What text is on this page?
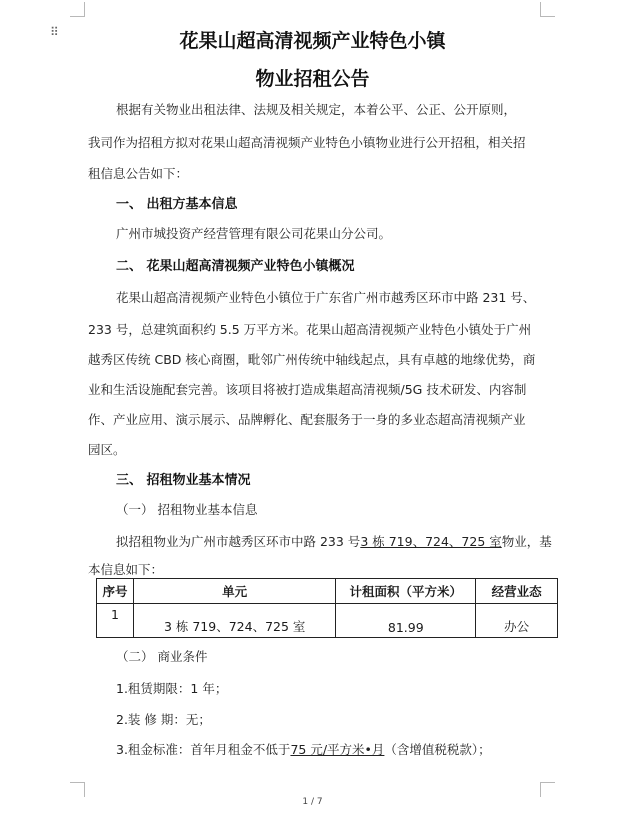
⠿	花果山超高清视频产业特色小镇
物业招租公告
根据有关物业出租法律、法规及相关规定，本着公平、公正、公开原则，
我司作为招租方拟对花果山超高清视频产业特色小镇物业进行公开招租，相关招
租信息公告如下：
一、 出租方基本信息
广州市城投资产经营管理有限公司花果山分公司。
二、 花果山超高清视频产业特色小镇概况
花果山超高清视频产业特色小镇位于广东省广州市越秀区环市中路 231 号、
233 号，总建筑面积约 5.5 万平方米。花果山超高清视频产业特色小镇处于广州
越秀区传统 CBD 核心商圈，毗邻广州传统中轴线起点，具有卓越的地缘优势，商
业和生活设施配套完善。该项目将被打造成集超高清视频/5G 技术研发、内容制
作、产业应用、演示展示、品牌孵化、配套服务于一身的多业态超高清视频产业
园区。
三、 招租物业基本情况
（一） 招租物业基本信息
拟招租物业为广州市越秀区环市中路 233 号3 栋 719、724、725 室物业，基
本信息如下：
序号	单元	计租面积（平方米）	经营业态
1	3 栋 719、724、725 室	81.99	办公
（二） 商业条件
1.租赁期限：1 年；
2.装 修 期：无；
3.租金标准：首年月租金不低于75 元/平方米•月（含增值税税款）；
1 / 7
